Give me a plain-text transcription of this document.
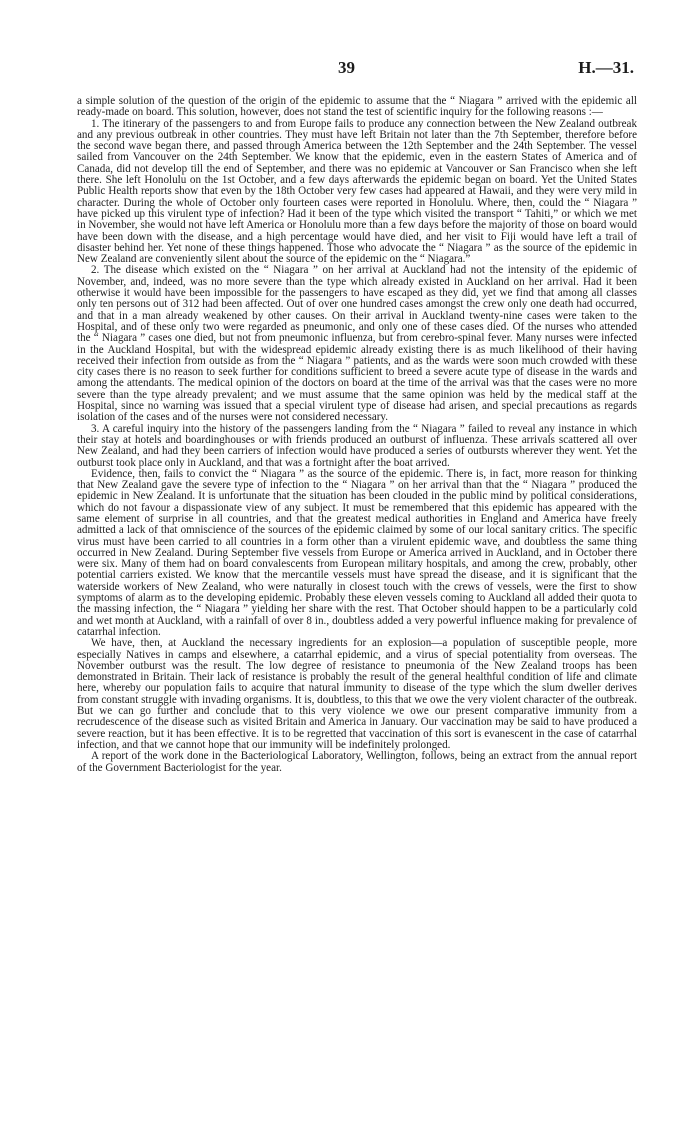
39	H.—31.

a simple solution of the question of the origin of the epidemic to assume that the “ Niagara ” arrived with the epidemic all ready-made on board. This solution, however, does not stand the test of scientific inquiry for the following reasons :—

1. The itinerary of the passengers to and from Europe fails to produce any connection between the New Zealand outbreak and any previous outbreak in other countries. They must have left Britain not later than the 7th September, therefore before the second wave began there, and passed through America between the 12th September and the 24th September. The vessel sailed from Vancouver on the 24th September. We know that the epidemic, even in the eastern States of America and of Canada, did not develop till the end of September, and there was no epidemic at Vancouver or San Francisco when she left there. She left Honolulu on the 1st October, and a few days afterwards the epidemic began on board. Yet the United States Public Health reports show that even by the 18th October very few cases had appeared at Hawaii, and they were very mild in character. During the whole of October only fourteen cases were reported in Honolulu. Where, then, could the “ Niagara ” have picked up this virulent type of infection? Had it been of the type which visited the transport “ Tahiti,” or which we met in November, she would not have left America or Honolulu more than a few days before the majority of those on board would have been down with the disease, and a high percentage would have died, and her visit to Fiji would have left a trail of disaster behind her. Yet none of these things happened. Those who advocate the “ Niagara ” as the source of the epidemic in New Zealand are conveniently silent about the source of the epidemic on the “ Niagara.”

2. The disease which existed on the “ Niagara ” on her arrival at Auckland had not the intensity of the epidemic of November, and, indeed, was no more severe than the type which already existed in Auckland on her arrival. Had it been otherwise it would have been impossible for the passengers to have escaped as they did, yet we find that among all classes only ten persons out of 312 had been affected. Out of over one hundred cases amongst the crew only one death had occurred, and that in a man already weakened by other causes. On their arrival in Auckland twenty-nine cases were taken to the Hospital, and of these only two were regarded as pneumonic, and only one of these cases died. Of the nurses who attended the “ Niagara ” cases one died, but not from pneumonic influenza, but from cerebro-spinal fever. Many nurses were infected in the Auckland Hospital, but with the widespread epidemic already existing there is as much likelihood of their having received their infection from outside as from the “ Niagara ” patients, and as the wards were soon much crowded with these city cases there is no reason to seek further for conditions sufficient to breed a severe acute type of disease in the wards and among the attendants. The medical opinion of the doctors on board at the time of the arrival was that the cases were no more severe than the type already prevalent; and we must assume that the same opinion was held by the medical staff at the Hospital, since no warning was issued that a special virulent type of disease had arisen, and special precautions as regards isolation of the cases and of the nurses were not considered necessary.

3. A careful inquiry into the history of the passengers landing from the “ Niagara ” failed to reveal any instance in which their stay at hotels and boardinghouses or with friends produced an outburst of influenza. These arrivals scattered all over New Zealand, and had they been carriers of infection would have produced a series of outbursts wherever they went. Yet the outburst took place only in Auckland, and that was a fortnight after the boat arrived.

Evidence, then, fails to convict the “ Niagara ” as the source of the epidemic. There is, in fact, more reason for thinking that New Zealand gave the severe type of infection to the “ Niagara ” on her arrival than that the “ Niagara ” produced the epidemic in New Zealand. It is unfortunate that the situation has been clouded in the public mind by political considerations, which do not favour a dispassionate view of any subject. It must be remembered that this epidemic has appeared with the same element of surprise in all countries, and that the greatest medical authorities in England and America have freely admitted a lack of that omniscience of the sources of the epidemic claimed by some of our local sanitary critics. The specific virus must have been carried to all countries in a form other than a virulent epidemic wave, and doubtless the same thing occurred in New Zealand. During September five vessels from Europe or America arrived in Auckland, and in October there were six. Many of them had on board convalescents from European military hospitals, and among the crew, probably, other potential carriers existed. We know that the mercantile vessels must have spread the disease, and it is significant that the waterside workers of New Zealand, who were naturally in closest touch with the crews of vessels, were the first to show symptoms of alarm as to the developing epidemic. Probably these eleven vessels coming to Auckland all added their quota to the massing infection, the “ Niagara ” yielding her share with the rest. That October should happen to be a particularly cold and wet month at Auckland, with a rainfall of over 8 in., doubtless added a very powerful influence making for prevalence of catarrhal infection.

We have, then, at Auckland the necessary ingredients for an explosion—a population of susceptible people, more especially Natives in camps and elsewhere, a catarrhal epidemic, and a virus of special potentiality from overseas. The November outburst was the result. The low degree of resistance to pneumonia of the New Zealand troops has been demonstrated in Britain. Their lack of resistance is probably the result of the general healthful condition of life and climate here, whereby our population fails to acquire that natural immunity to disease of the type which the slum dweller derives from constant struggle with invading organisms. It is, doubtless, to this that we owe the very violent character of the outbreak. But we can go further and conclude that to this very violence we owe our present comparative immunity from a recrudescence of the disease such as visited Britain and America in January. Our vaccination may be said to have produced a severe reaction, but it has been effective. It is to be regretted that vaccination of this sort is evanescent in the case of catarrhal infection, and that we cannot hope that our immunity will be indefinitely prolonged.

A report of the work done in the Bacteriological Laboratory, Wellington, follows, being an extract from the annual report of the Government Bacteriologist for the year.
